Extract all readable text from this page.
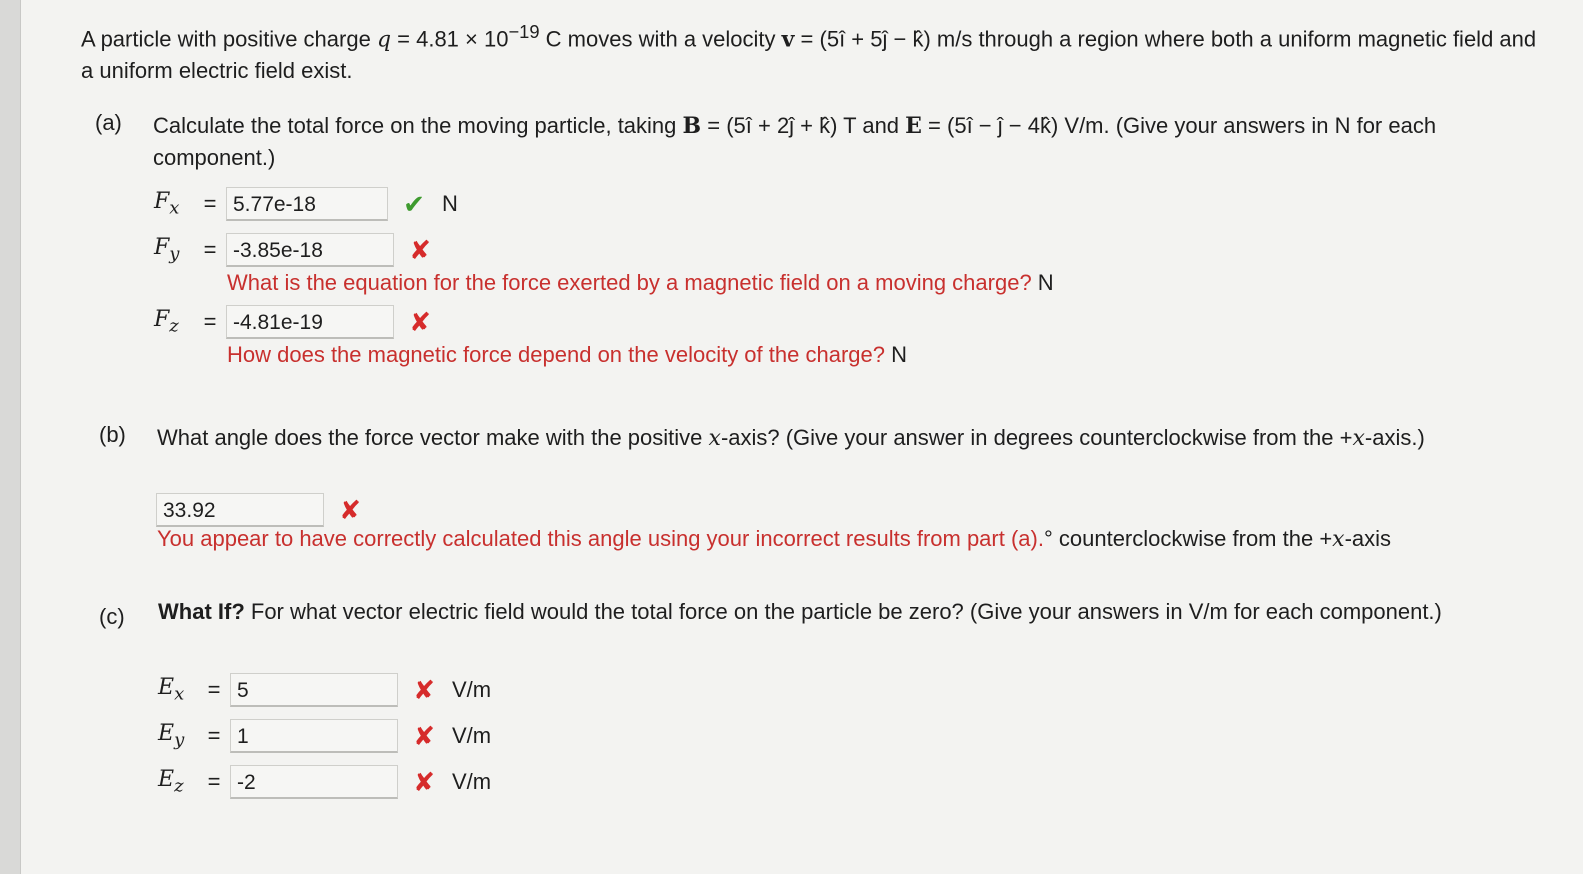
A particle with positive charge $q = 4.81 \times 10^{-19}$ C moves with a velocity v = (5î + 5ĵ − k̂) m/s through a region where both a uniform magnetic field and a uniform electric field exist.
(a) Calculate the total force on the moving particle, taking B = (5î + 2ĵ + k̂) T and E = (5î − ĵ − 4k̂) V/m. (Give your answers in N for each component.)
$F_x$	= 5.77e-18	✔ N
$F_y$	= -3.85e-18	✘
What is the equation for the force exerted by a magnetic field on a moving charge? N
$F_z$	= -4.81e-19	✘
How does the magnetic force depend on the velocity of the charge? N
(b) What angle does the force vector make with the positive x-axis? (Give your answer in degrees counterclockwise from the +x-axis.)
33.92	✘
You appear to have correctly calculated this angle using your incorrect results from part (a).° counterclockwise from the +x-axis
(c) What If? For what vector electric field would the total force on the particle be zero? (Give your answers in V/m for each component.)
$E_x$	= 5	✘ V/m
$E_y$	= 1	✘ V/m
$E_z$	= -2	✘ V/m
